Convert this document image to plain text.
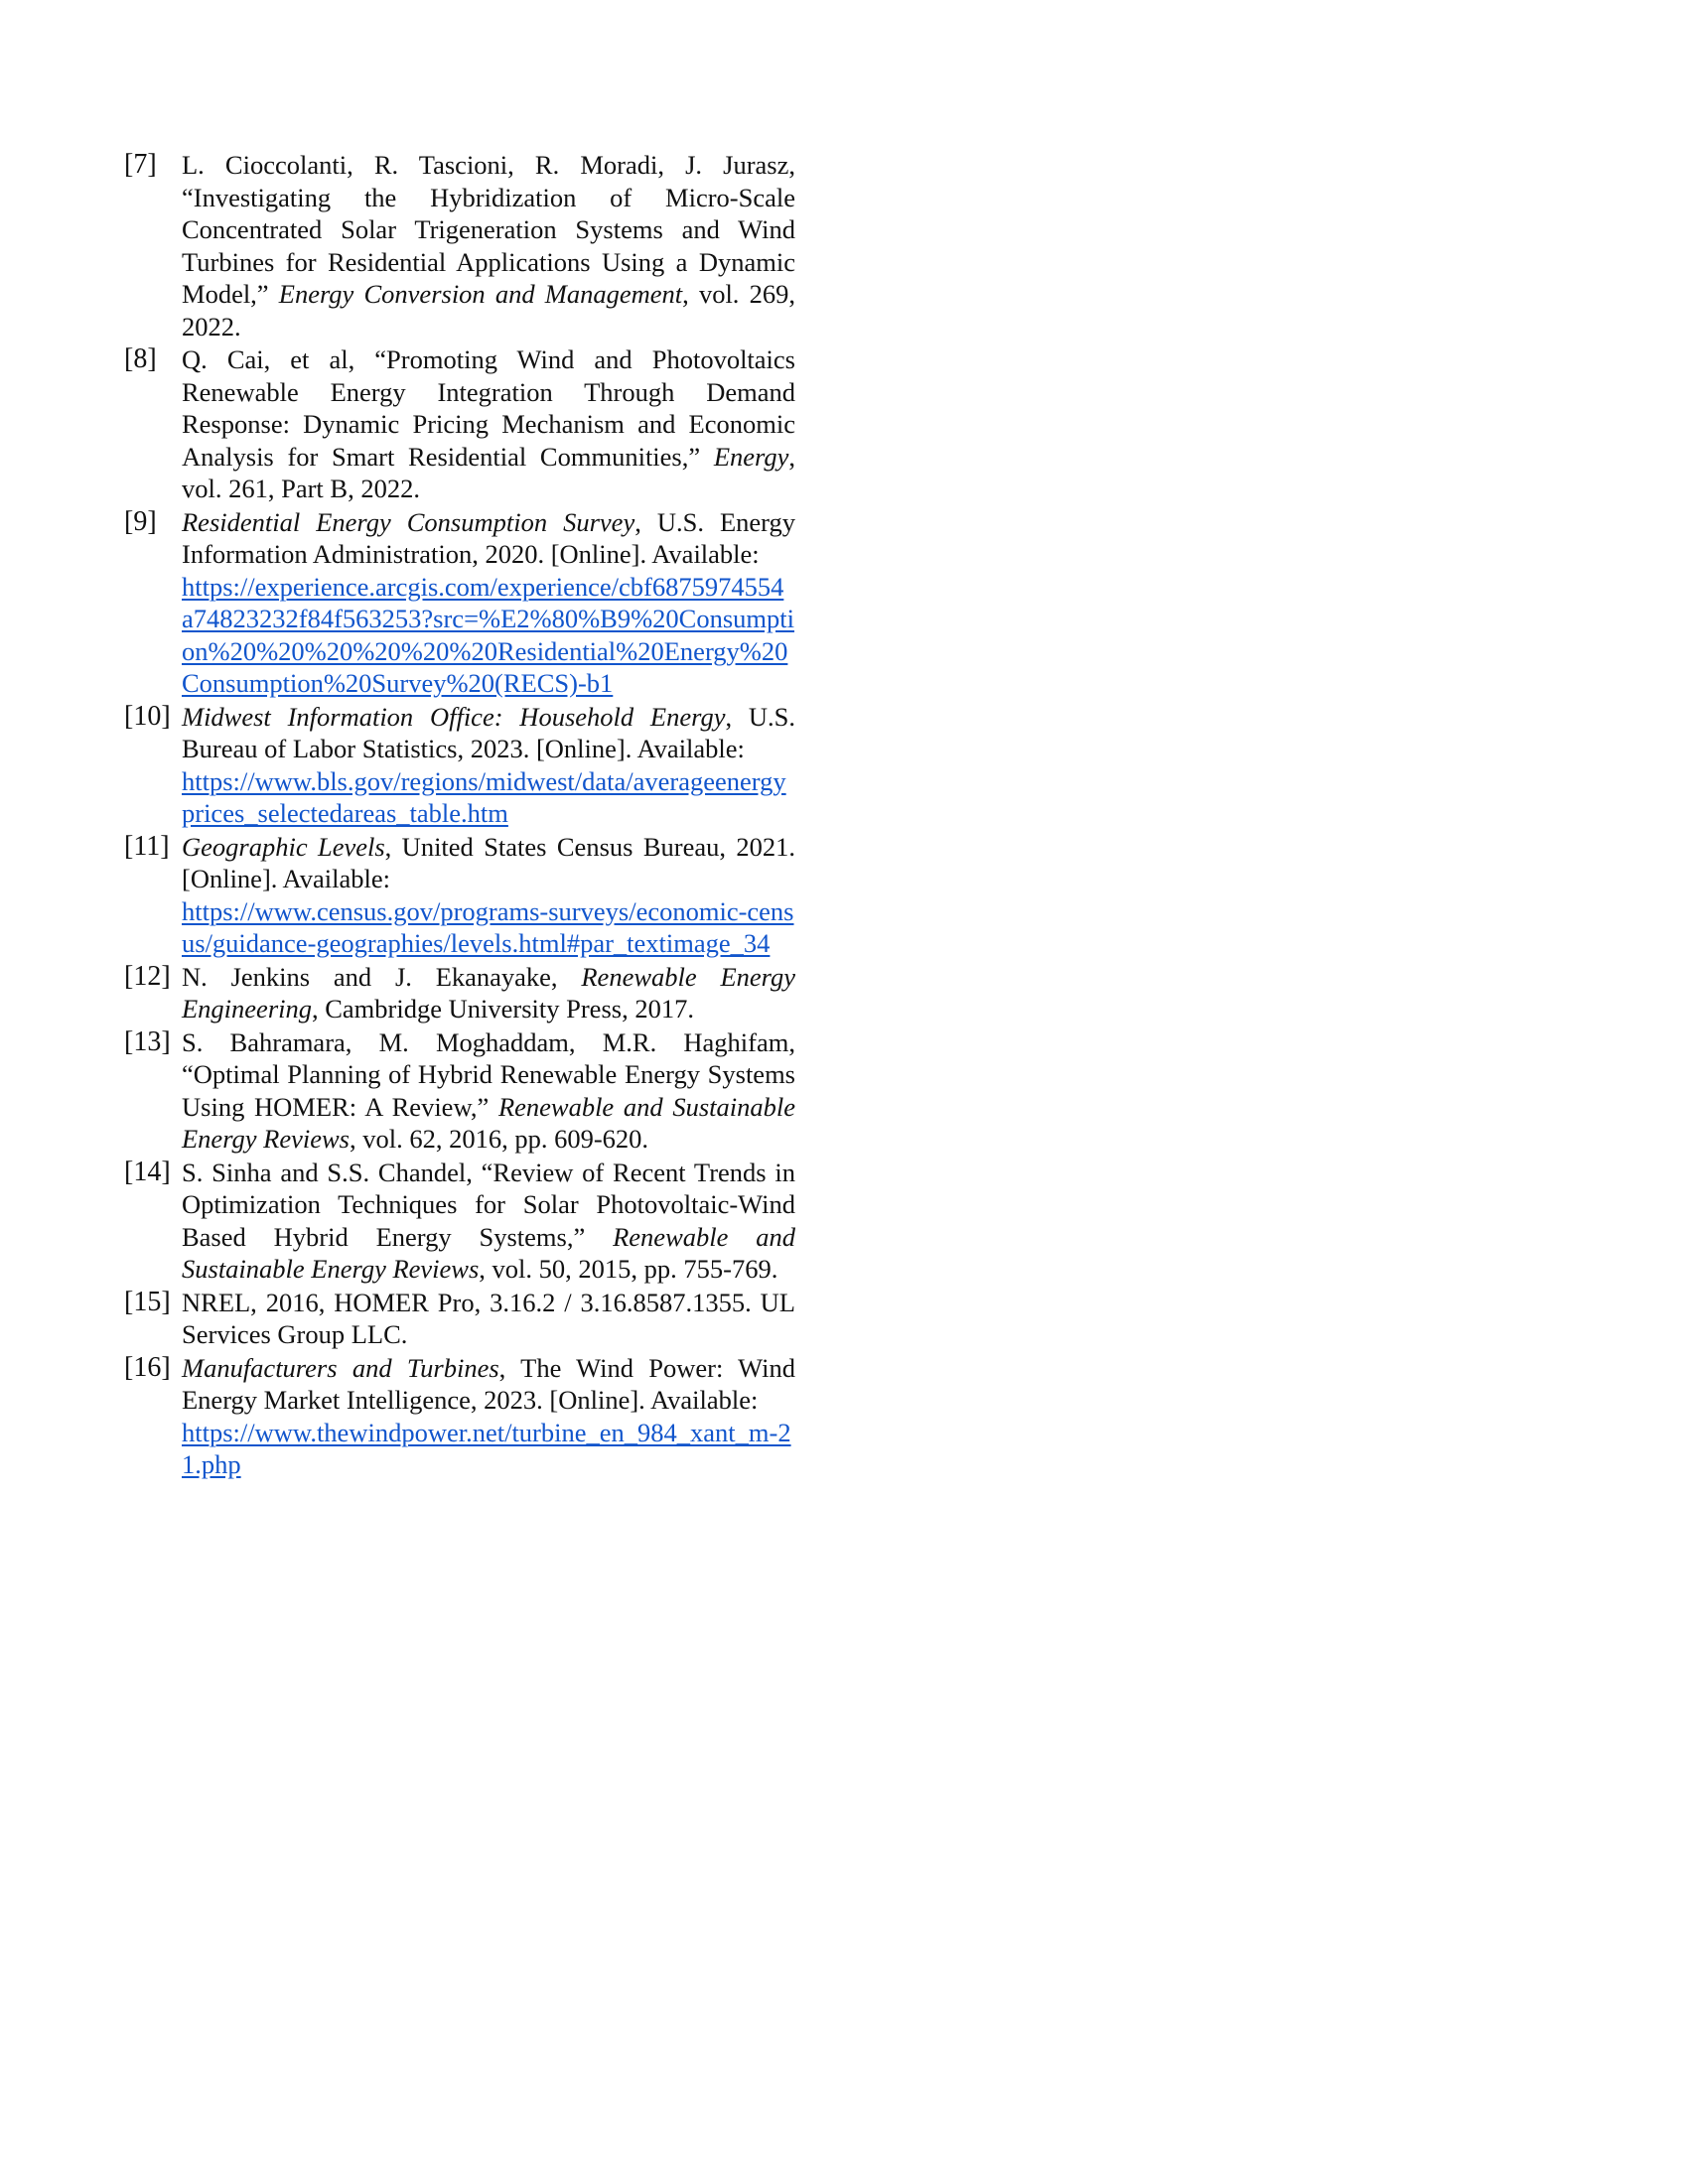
[7] L. Cioccolanti, R. Tascioni, R. Moradi, J. Jurasz, “Investigating the Hybridization of Micro-Scale Concentrated Solar Trigeneration Systems and Wind Turbines for Residential Applications Using a Dynamic Model,” Energy Conversion and Management, vol. 269, 2022.
[8] Q. Cai, et al, “Promoting Wind and Photovoltaics Renewable Energy Integration Through Demand Response: Dynamic Pricing Mechanism and Economic Analysis for Smart Residential Communities,” Energy, vol. 261, Part B, 2022.
[9] Residential Energy Consumption Survey, U.S. Energy Information Administration, 2020. [Online]. Available:
https://experience.arcgis.com/experience/cbf6875974554a74823232f84f563253?src=%E2%80%B9%20Consumption%20%20%20%20%20%20Residential%20Energy%20Consumption%20Survey%20(RECS)-b1
[10] Midwest Information Office: Household Energy, U.S. Bureau of Labor Statistics, 2023. [Online]. Available:
https://www.bls.gov/regions/midwest/data/averageenergyprices_selectedareas_table.htm
[11] Geographic Levels, United States Census Bureau, 2021. [Online]. Available:
https://www.census.gov/programs-surveys/economic-census/guidance-geographies/levels.html#par_textimage_34
[12] N. Jenkins and J. Ekanayake, Renewable Energy Engineering, Cambridge University Press, 2017.
[13] S. Bahramara, M. Moghaddam, M.R. Haghifam, “Optimal Planning of Hybrid Renewable Energy Systems Using HOMER: A Review,” Renewable and Sustainable Energy Reviews, vol. 62, 2016, pp. 609-620.
[14] S. Sinha and S.S. Chandel, “Review of Recent Trends in Optimization Techniques for Solar Photovoltaic-Wind Based Hybrid Energy Systems,” Renewable and Sustainable Energy Reviews, vol. 50, 2015, pp. 755-769.
[15] NREL, 2016, HOMER Pro, 3.16.2 / 3.16.8587.1355. UL Services Group LLC.
[16] Manufacturers and Turbines, The Wind Power: Wind Energy Market Intelligence, 2023. [Online]. Available:
https://www.thewindpower.net/turbine_en_984_xant_m-21.php
